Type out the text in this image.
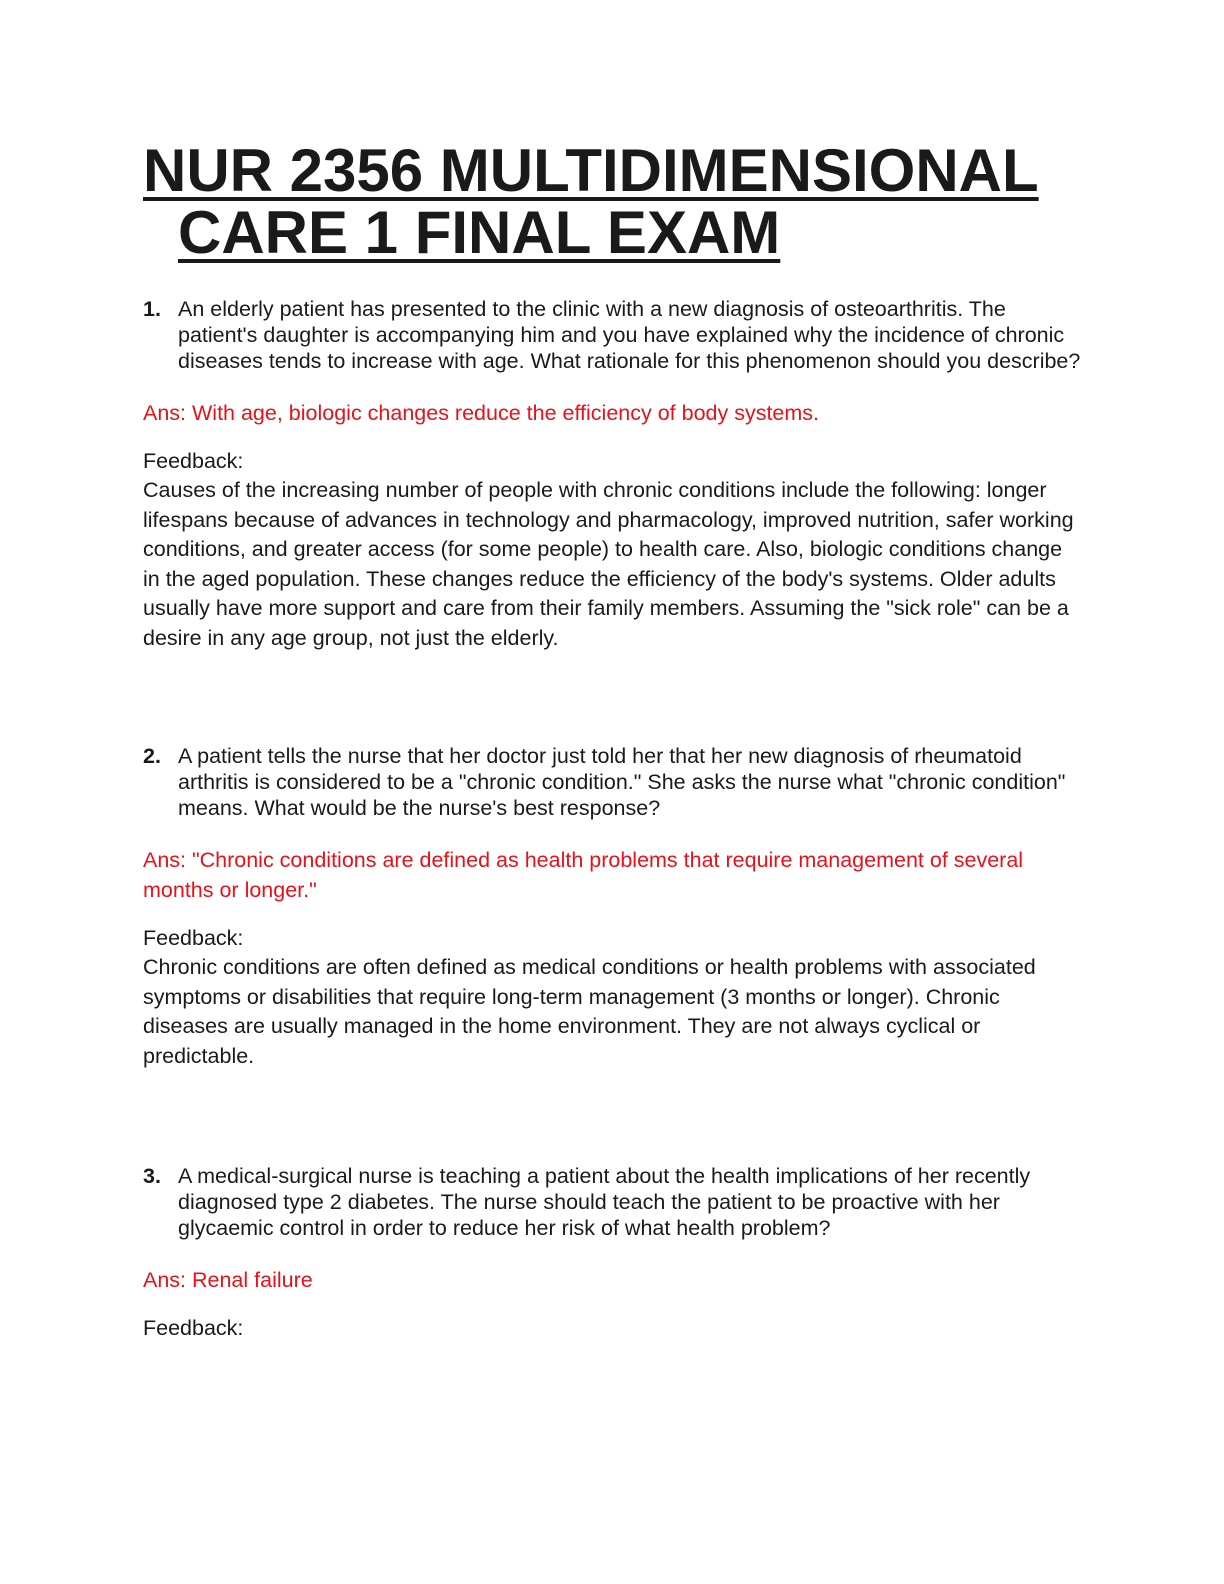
NUR 2356 MULTIDIMENSIONAL
CARE 1 FINAL EXAM

1. An elderly patient has presented to the clinic with a new diagnosis of osteoarthritis. The patient's daughter is accompanying him and you have explained why the incidence of chronic diseases tends to increase with age. What rationale for this phenomenon should you describe?

Ans: With age, biologic changes reduce the efficiency of body systems.

Feedback:

Causes of the increasing number of people with chronic conditions include the following: longer lifespans because of advances in technology and pharmacology, improved nutrition, safer working conditions, and greater access (for some people) to health care. Also, biologic conditions change in the aged population. These changes reduce the efficiency of the body's systems. Older adults usually have more support and care from their family members. Assuming the "sick role" can be a desire in any age group, not just the elderly.

2. A patient tells the nurse that her doctor just told her that her new diagnosis of rheumatoid arthritis is considered to be a "chronic condition." She asks the nurse what "chronic condition" means. What would be the nurse's best response?

Ans: "Chronic conditions are defined as health problems that require management of several months or longer."

Feedback:

Chronic conditions are often defined as medical conditions or health problems with associated symptoms or disabilities that require long-term management (3 months or longer). Chronic diseases are usually managed in the home environment. They are not always cyclical or predictable.

3. A medical-surgical nurse is teaching a patient about the health implications of her recently diagnosed type 2 diabetes. The nurse should teach the patient to be proactive with her glycaemic control in order to reduce her risk of what health problem?

Ans: Renal failure

Feedback:
